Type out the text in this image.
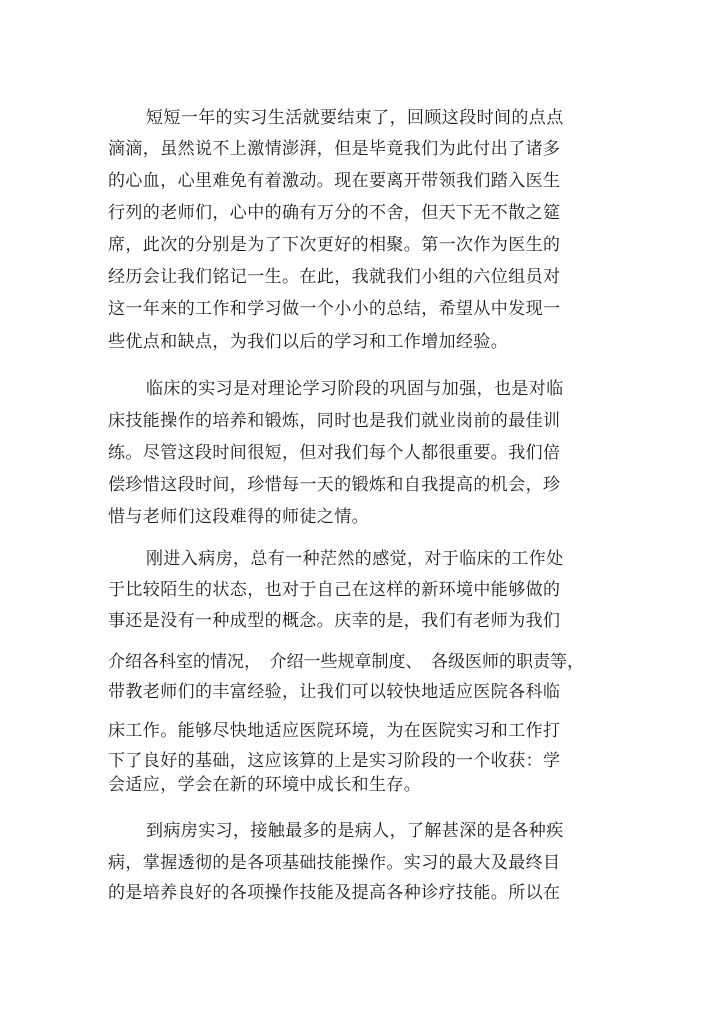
短短一年的实习生活就要结束了，回顾这段时间的点点
滴滴，虽然说不上激情澎湃，但是毕竟我们为此付出了诸多
的心血，心里难免有着激动。现在要离开带领我们踏入医生
行列的老师们，心中的确有万分的不舍，但天下无不散之筵
席，此次的分别是为了下次更好的相聚。第一次作为医生的
经历会让我们铭记一生。在此，我就我们小组的六位组员对
这一年来的工作和学习做一个小小的总结，希望从中发现一
些优点和缺点，为我们以后的学习和工作增加经验。
临床的实习是对理论学习阶段的巩固与加强，也是对临
床技能操作的培养和锻炼，同时也是我们就业岗前的最佳训
练。尽管这段时间很短，但对我们每个人都很重要。我们倍
偿珍惜这段时间，珍惜每一天的锻炼和自我提高的机会，珍
惜与老师们这段难得的师徒之情。
刚进入病房，总有一种茫然的感觉，对于临床的工作处
于比较陌生的状态，也对于自己在这样的新环境中能够做的
事还是没有一种成型的概念。庆幸的是，我们有老师为我们
介绍各科室的情况，　介绍一些规章制度、　各级医师的职责等，
带教老师们的丰富经验，让我们可以较快地适应医院各科临
床工作。能够尽快地适应医院环境，为在医院实习和工作打
下了良好的基础，这应该算的上是实习阶段的一个收获：学
会适应，学会在新的环境中成长和生存。
到病房实习，接触最多的是病人，了解甚深的是各种疾
病，掌握透彻的是各项基础技能操作。实习的最大及最终目
的是培养良好的各项操作技能及提高各种诊疗技能。所以在
